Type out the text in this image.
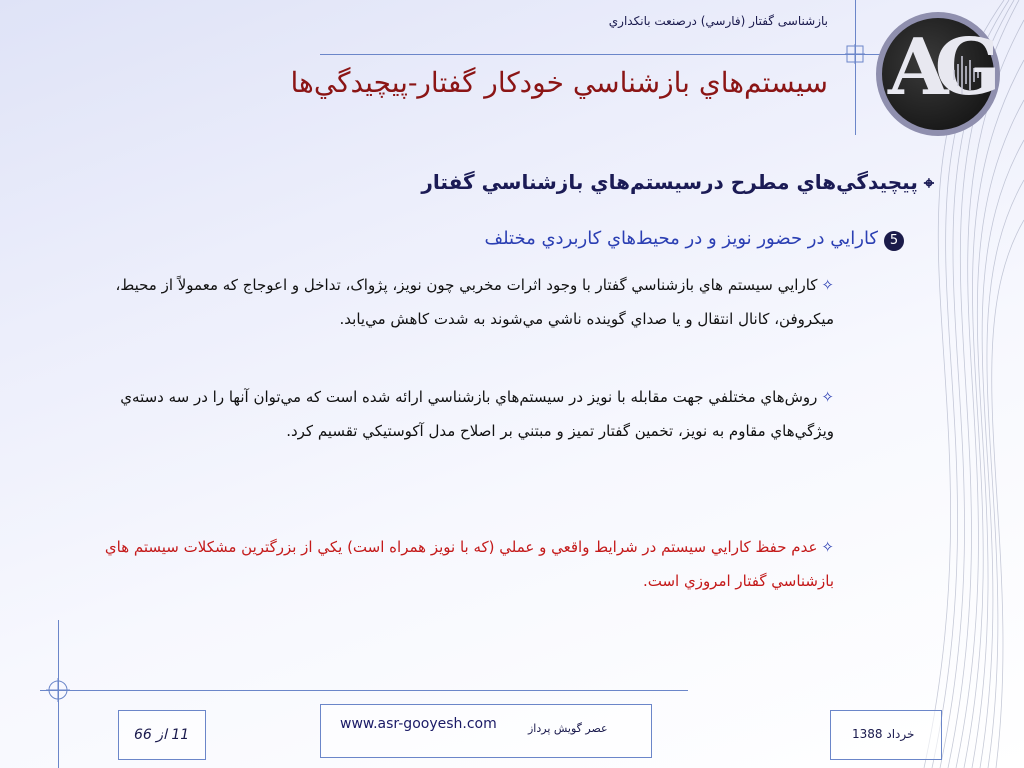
AG
بازشناسی گفتار (فارسي) درصنعت بانکداري
سيستم‌هاي بازشناسي خودکار گفتار-پيچيدگي‌ها
⌖پيچيدگي‌هاي مطرح درسيستم‌هاي بازشناسي گفتار
5کارايي در حضور نويز و در محيط‌هاي کاربردي مختلف
✧کارايي سيستم هاي بازشناسي گفتار با وجود اثرات مخربي چون نويز، پژواک، تداخل و اعوجاج که معمولاً از محيط، ميکروفن، کانال انتقال و يا صداي گوينده ناشي مي‌شوند به شدت کاهش مي‌يابد.
✧روش‌هاي مختلفي جهت مقابله با نويز در سيستم‌هاي بازشناسي ارائه شده است که مي‌توان آنها را در سه دسته‌ي ويژگي‌هاي مقاوم به نويز، تخمين گفتار تميز و مبتني بر اصلاح مدل آکوستيکي تقسيم کرد.
✧عدم حفظ کارايي سيستم در شرايط واقعي و عملي (که با نويز همراه است) يکي از بزرگترين مشکلات سيستم هاي بازشناسي گفتار امروزي است.
11 از 66
www.asr-gooyesh.com	عصر گويش پرداز	خرداد 1388
